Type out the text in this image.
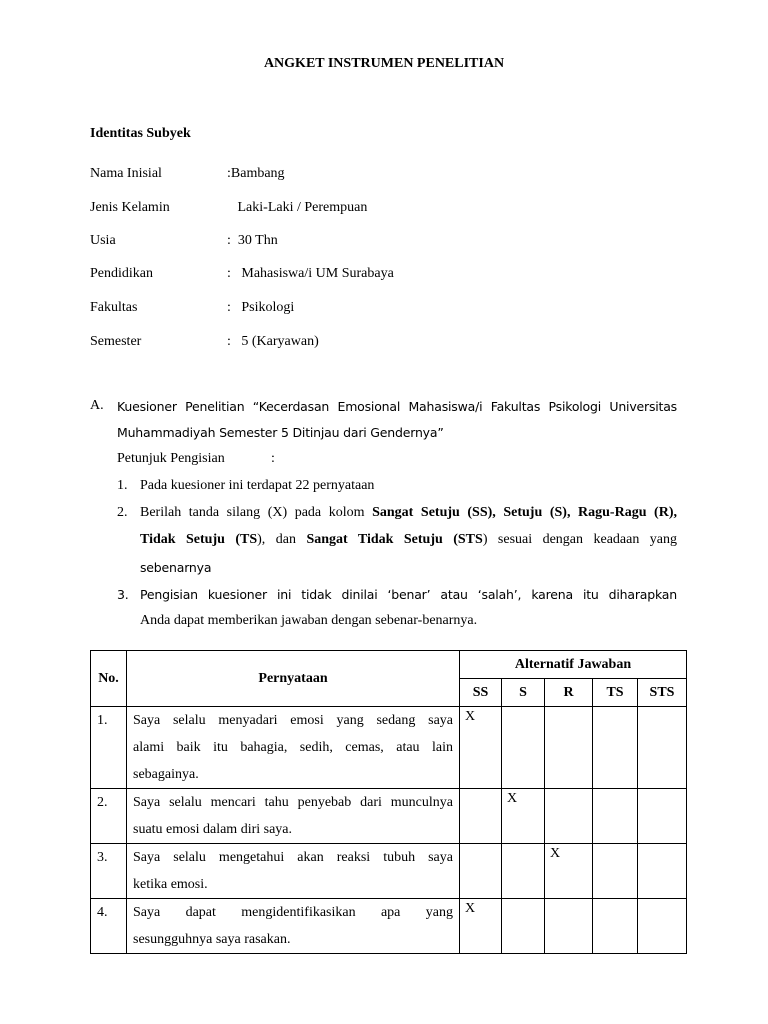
ANGKET INSTRUMEN PENELITIAN
Identitas Subyek
Nama Inisial	:Bambang
Jenis Kelamin	Laki-Laki / Perempuan
Usia	:  30 Thn
Pendidikan	:   Mahasiswa/i UM Surabaya
Fakultas	:   Psikologi
Semester	:   5 (Karyawan)
A. Kuesioner Penelitian “Kecerdasan Emosional Mahasiswa/i Fakultas Psikologi Universitas
Muhammadiyah Semester 5 Ditinjau dari Gendernya”
Petunjuk Pengisian	:
1. Pada kuesioner ini terdapat 22 pernyataan
2. Berilah tanda silang (X) pada kolom Sangat Setuju (SS), Setuju (S), Ragu-Ragu (R),
Tidak Setuju (TS), dan Sangat Tidak Setuju (STS) sesuai dengan keadaan yang
sebenarnya
3. Pengisian kuesioner ini tidak dinilai ‘benar’ atau ‘salah’, karena itu diharapkan
Anda dapat memberikan jawaban dengan sebenar-benarnya.
No.	Pernyataan	Alternatif Jawaban				
		SS	S	R	TS	STS
1.	Saya selalu menyadari emosi yang sedang saya
alami baik itu bahagia, sedih, cemas, atau lain
sebagainya.	X				
2.	Saya selalu mencari tahu penyebab dari munculnya
suatu emosi dalam diri saya.		X			
3.	Saya selalu mengetahui akan reaksi tubuh saya
ketika emosi.			X		
4.	Saya dapat mengidentifikasikan apa yang
sesungguhnya saya rasakan.	X				
